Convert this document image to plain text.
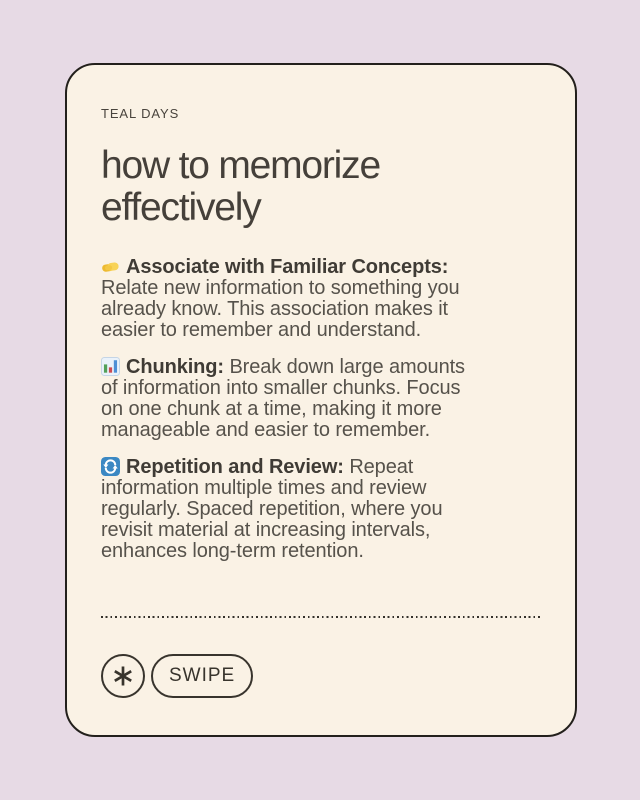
TEAL DAYS
how to memorize effectively

Associate with Familiar Concepts: Relate new information to something you already know. This association makes it easier to remember and understand.

Chunking: Break down large amounts of information into smaller chunks. Focus on one chunk at a time, making it more manageable and easier to remember.

Repetition and Review: Repeat information multiple times and review regularly. Spaced repetition, where you revisit material at increasing intervals, enhances long-term retention.

SWIPE
